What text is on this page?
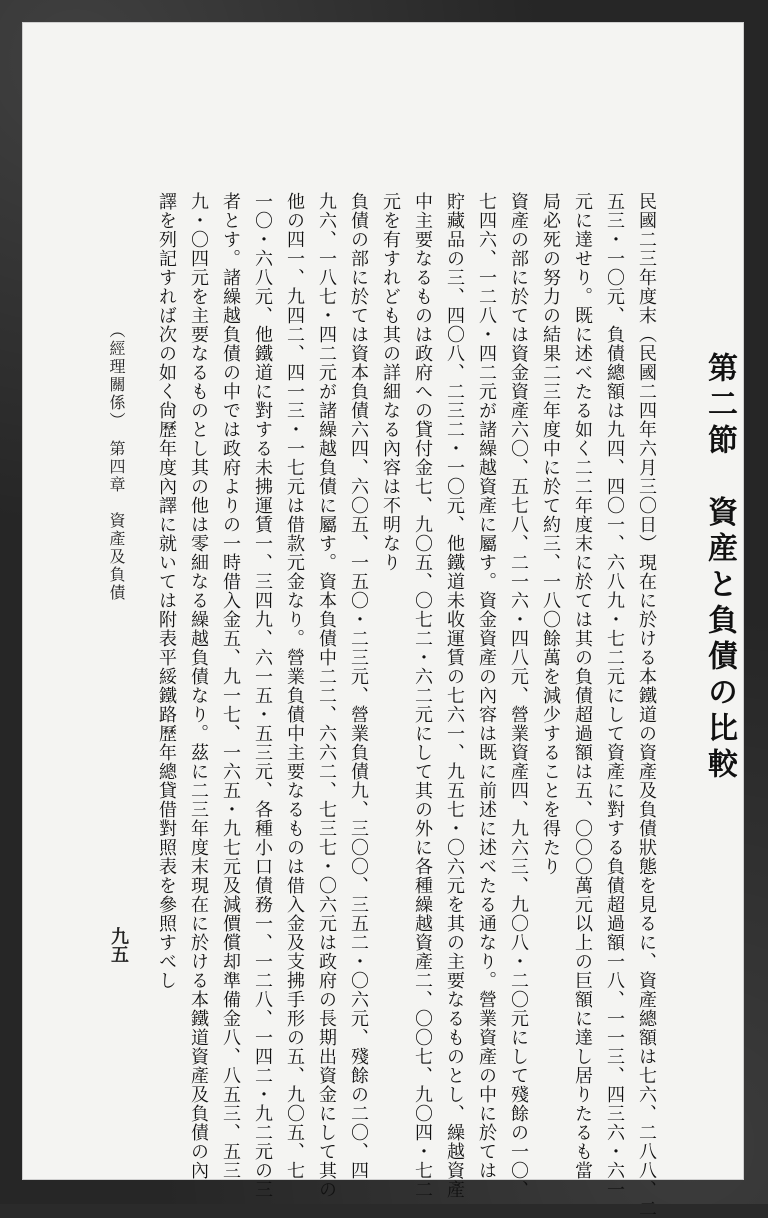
第二節　資産と負債の比較
民國二三年度末（民國二四年六月三〇日）現在に於ける本鐵道の資產及負債狀態を見るに、資產總額は七六、二八八、二
五三・一〇元、負債總額は九四、四〇一、六八九・七二元にして資產に對する負債超過額一八、一一三、四三六・六一
元に達せり。既に述べたる如く二二年度末に於ては其の負債超過額は五、〇〇〇萬元以上の巨額に達し居りたるも當
局必死の努力の結果二三年度中に於て約三、一八〇餘萬を減少することを得たり
資產の部に於ては資金資產六〇、五七八、二一六・四八元、營業資產四、九六三、九〇八・二〇元にして殘餘の一〇、
七四六、一二八・四二元が諸繰越資產に屬す。資金資產の內容は既に前述に述べたる通なり。營業資產の中に於ては
貯藏品の三、四〇八、二三二・一〇元、他鐵道未收運賃の七六一、九五七・〇六元を其の主要なるものとし、繰越資產
中主要なるものは政府への貸付金七、九〇五、〇七二・六二元にして其の外に各種繰越資產二、〇〇七、九〇四・七二
元を有すれども其の詳細なる內容は不明なり
負債の部に於ては資本負債六四、六〇五、一五〇・二三元、營業負債九、三〇〇、三五二・〇六元、殘餘の二〇、四
九六、一八七・四二元が諸繰越負債に屬す。資本負債中二二、六六二、七三七・〇六元は政府の長期出資金にして其の
他の四一、九四二、四一三・一七元は借款元金なり。營業負債中主要なるものは借入金及支拂手形の五、九〇五、七
一〇・六八元、他鐵道に對する未拂運賃一、三四九、六一五・五三元、各種小口債務一、一二八、一四二・九二元の三
者とす。諸繰越負債の中では政府よりの一時借入金五、九一七、一六五・九七元及減價償却準備金八、八五三、五三
九・〇四元を主要なるものとし其の他は零細なる繰越負債なり。茲に二三年度末現在に於ける本鐵道資產及負債の內
譯を列記すれば次の如く尙歷年度內譯に就いては附表平綏鐵路歷年總貸借對照表を參照すべし
（經理關係）　第四章　資產及負債
九五
